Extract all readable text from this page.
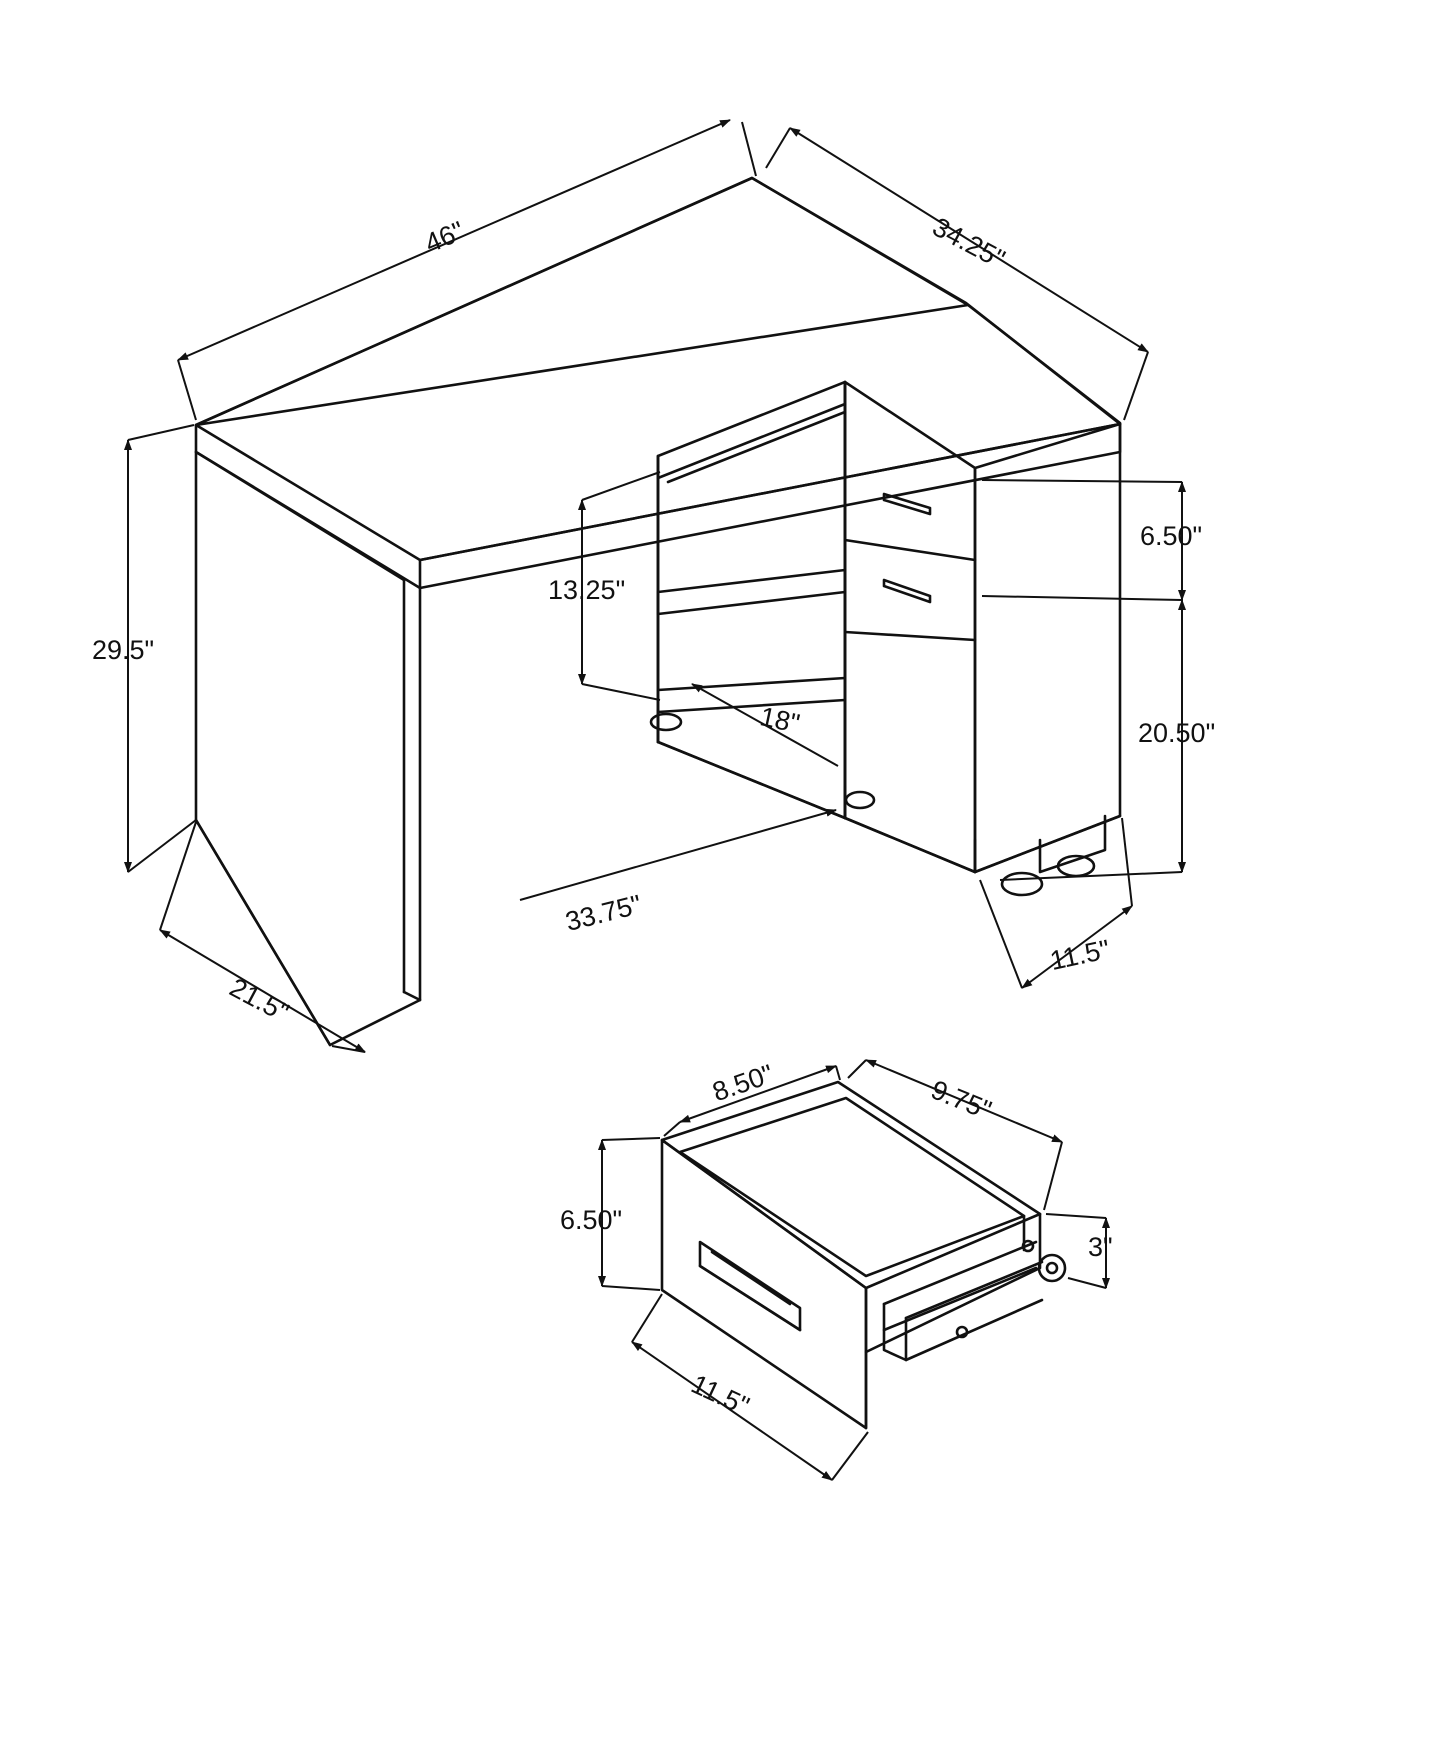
46"	34.25"
29.5"
21.5"
13.25"
18"
33.75"
6.50"
20.50"
11.5"
8.50"	9.75"
6.50"
3"
11.5"
